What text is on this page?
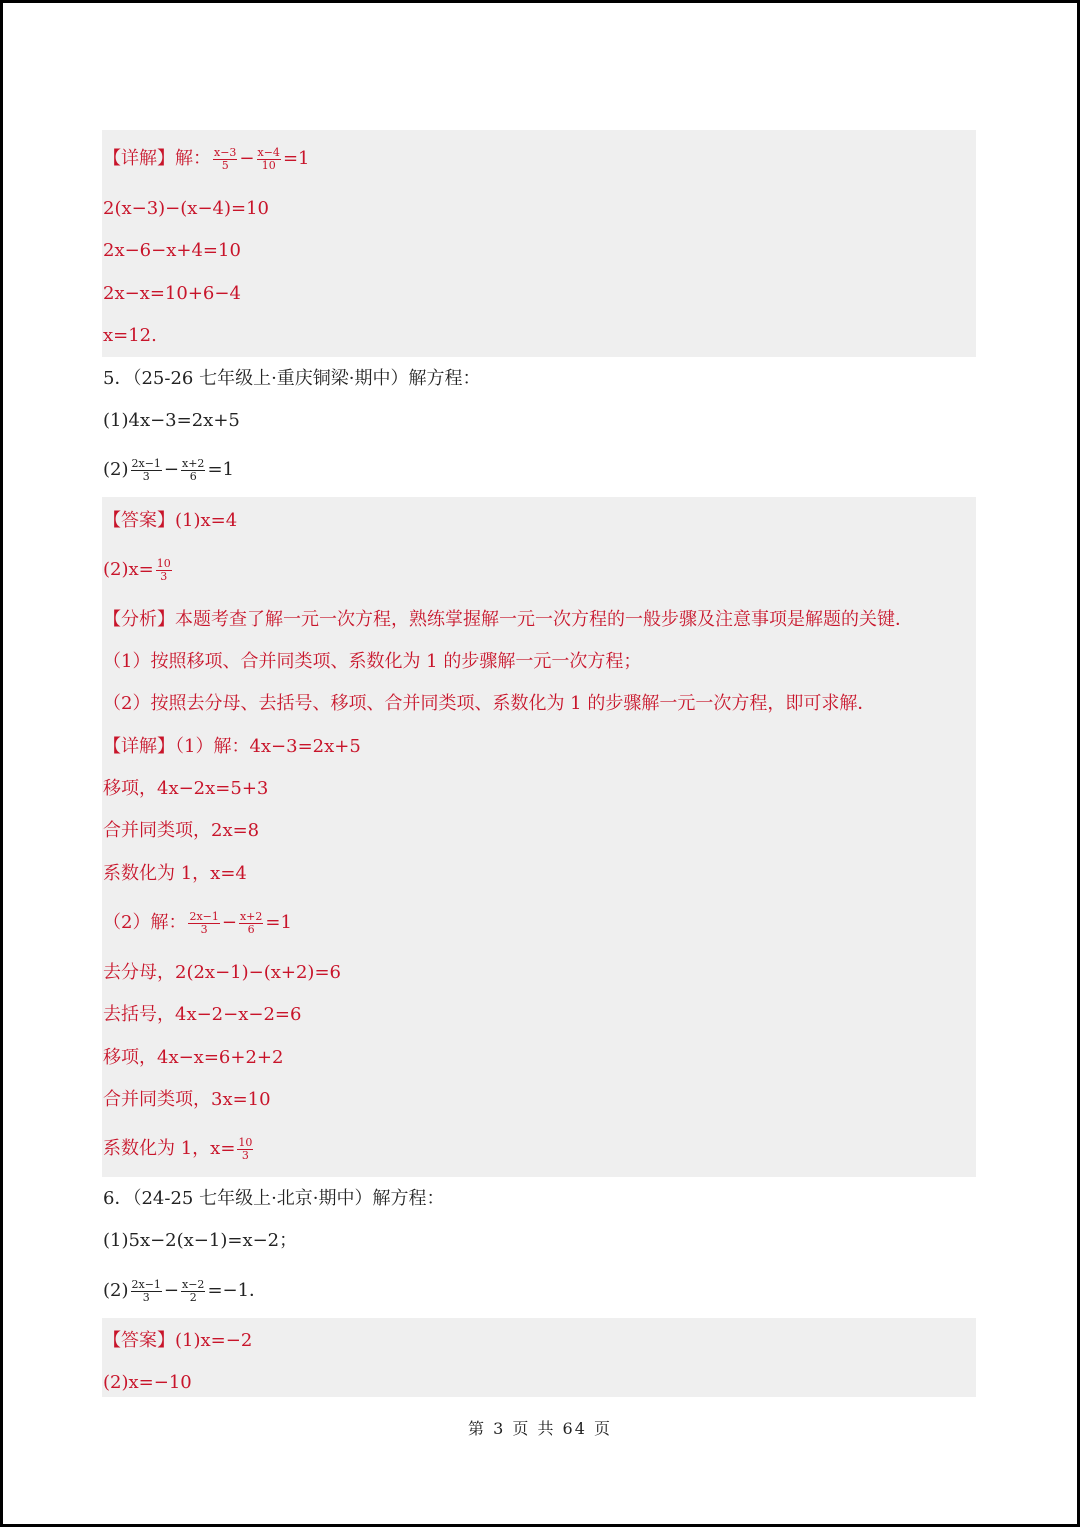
【详解】解： $\frac{x-3}{5} - \frac{x-4}{10} =1$
2(x−3)−(x−4)=10
2x−6−x+4=10
2x−x=10+6−4
x=12.
5．（25-26 七年级上·重庆铜梁·期中）解方程：
(1)4x−3=2x+5
$(2) \frac{2x-1}{3} - \frac{x+2}{6} =1$
【答案】(1)x=4
$(2)x= \frac{10}{3}$
【分析】本题考查了解一元一次方程，熟练掌握解一元一次方程的一般步骤及注意事项是解题的关键．
（1）按照移项、合并同类项、系数化为 1 的步骤解一元一次方程；
（2）按照去分母、去括号、移项、合并同类项、系数化为 1 的步骤解一元一次方程，即可求解．
【详解】（1）解：4x−3=2x+5
移项，4x−2x=5+3
合并同类项，2x=8
系数化为 1，x=4
（2）解： $\frac{2x-1}{3} - \frac{x+2}{6} =1$
去分母，2(2x−1)−(x+2)=6
去括号，4x−2−x−2=6
移项，4x−x=6+2+2
合并同类项，3x=10
系数化为 1，$x= \frac{10}{3}$
6．（24-25 七年级上·北京·期中）解方程：
(1)5x−2(x−1)=x−2；
$(2) \frac{2x-1}{3} - \frac{x-2}{2} =-1$．
【答案】(1)x=−2
(2)x=−10
第 3 页 共 64 页
